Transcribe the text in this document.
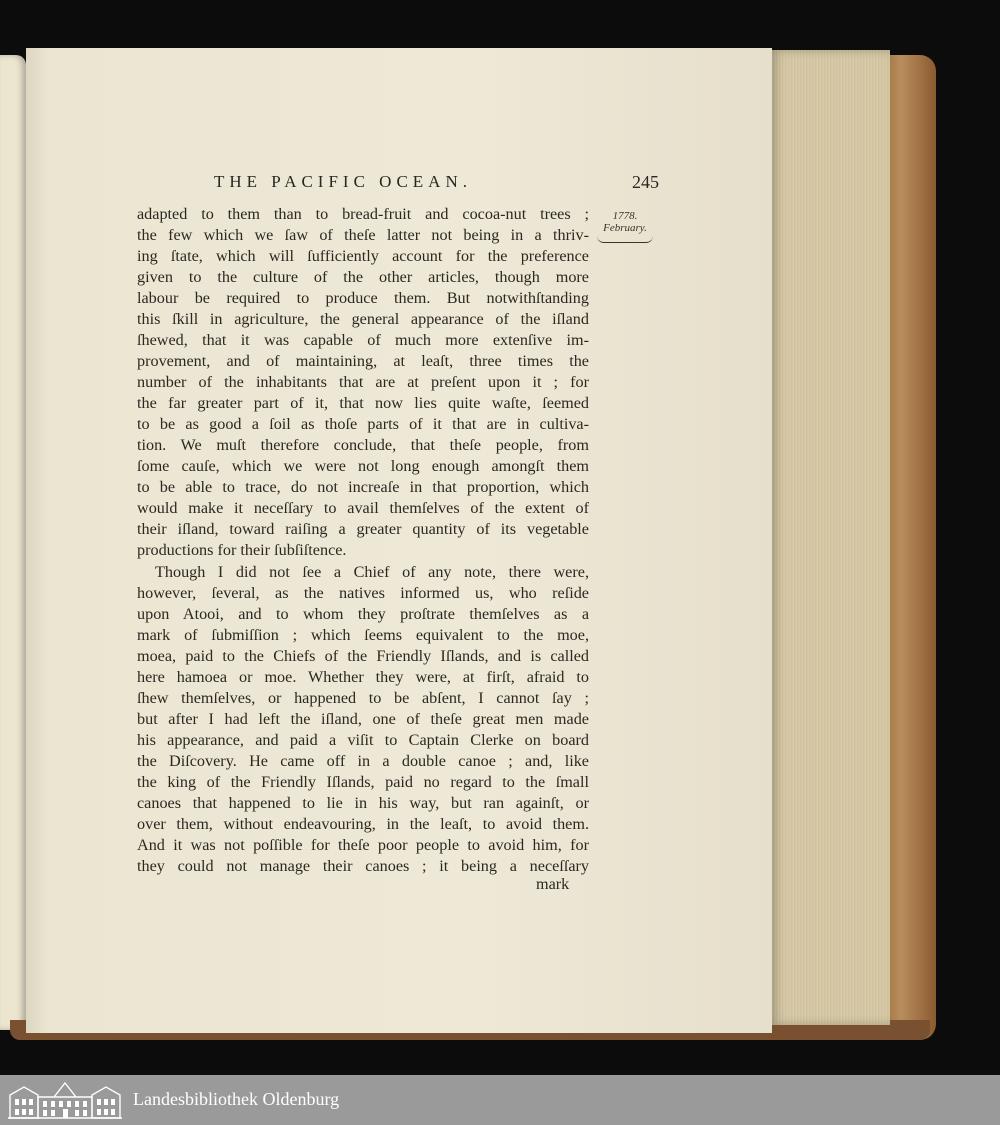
THE PACIFIC OCEAN.	245
1778.
February.
adapted to them than to bread-fruit and cocoa-nut trees ;
the few which we ſaw of theſe latter not being in a thriv-
ing ſtate, which will ſufficiently account for the preference
given to the culture of the other articles, though more
labour be required to produce them. But notwithſtanding
this ſkill in agriculture, the general appearance of the iſland
ſhewed, that it was capable of much more extenſive im-
provement, and of maintaining, at leaſt, three times the
number of the inhabitants that are at preſent upon it ; for
the far greater part of it, that now lies quite waſte, ſeemed
to be as good a ſoil as thoſe parts of it that are in cultiva-
tion. We muſt therefore conclude, that theſe people, from
ſome cauſe, which we were not long enough amongſt them
to be able to trace, do not increaſe in that proportion, which
would make it neceſſary to avail themſelves of the extent of
their iſland, toward raiſing a greater quantity of its vegetable
productions for their ſubſiſtence.
Though I did not ſee a Chief of any note, there were,
however, ſeveral, as the natives informed us, who reſide
upon Atooi, and to whom they proſtrate themſelves as a
mark of ſubmiſſion ; which ſeems equivalent to the moe,
moea, paid to the Chiefs of the Friendly Iſlands, and is called
here hamoea or moe. Whether they were, at firſt, afraid to
ſhew themſelves, or happened to be abſent, I cannot ſay ;
but after I had left the iſland, one of theſe great men made
his appearance, and paid a viſit to Captain Clerke on board
the Diſcovery. He came off in a double canoe ; and, like
the king of the Friendly Iſlands, paid no regard to the ſmall
canoes that happened to lie in his way, but ran againſt, or
over them, without endeavouring, in the leaſt, to avoid them.
And it was not poſſible for theſe poor people to avoid him, for
they could not manage their canoes ; it being a neceſſary
mark
Landesbibliothek Oldenburg
